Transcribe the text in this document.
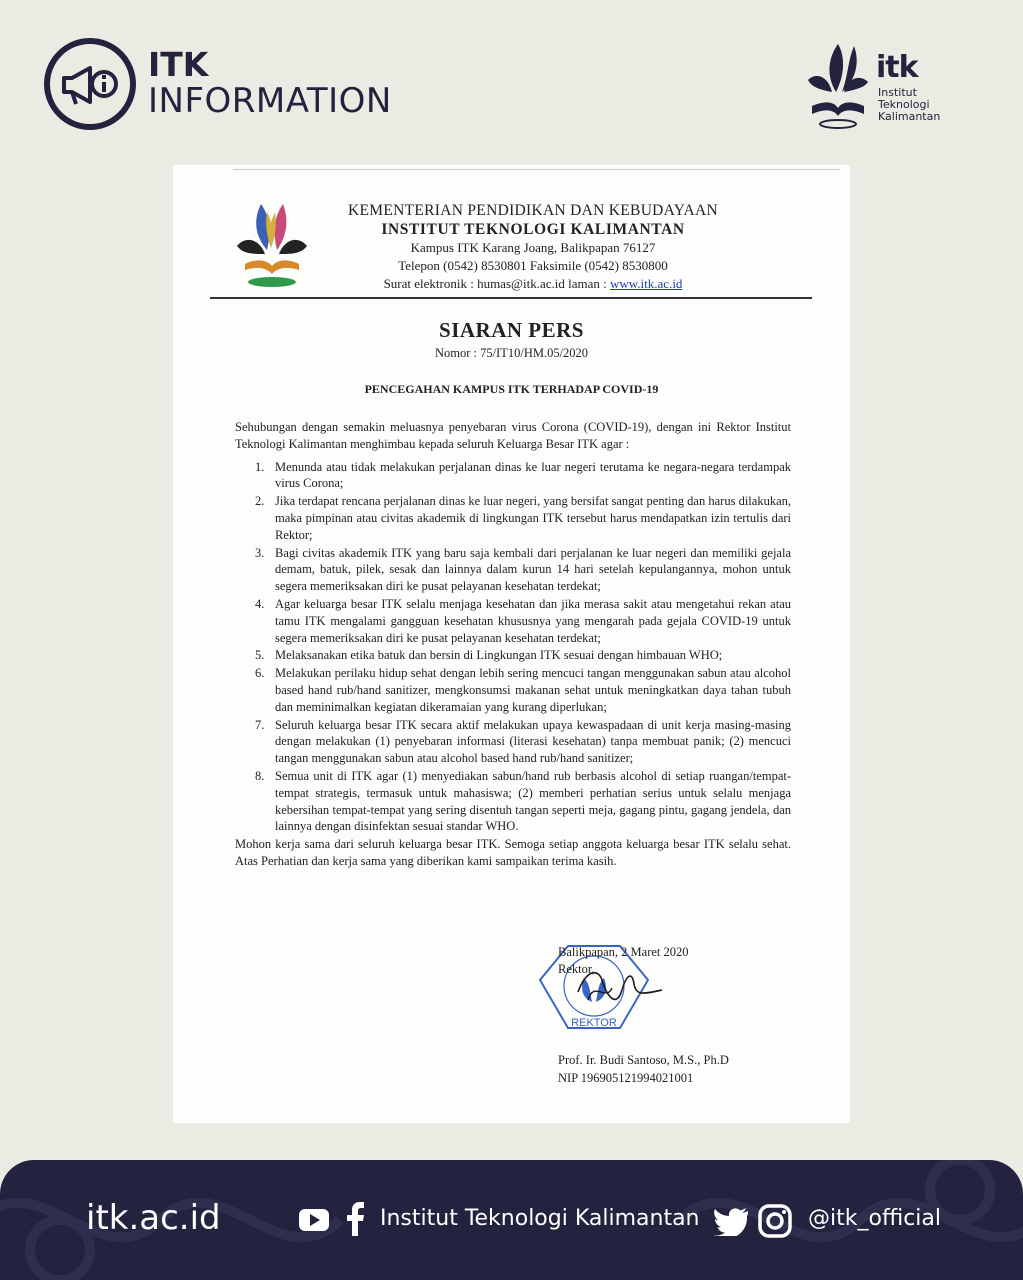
ITK
INFORMATION
itk
Institut
Teknologi
Kalimantan
KEMENTERIAN PENDIDIKAN DAN KEBUDAYAAN
INSTITUT TEKNOLOGI KALIMANTAN
Kampus ITK Karang Joang, Balikpapan 76127
Telepon (0542) 8530801 Faksimile (0542) 8530800
Surat elektronik : humas@itk.ac.id laman : www.itk.ac.id
SIARAN PERS
Nomor : 75/IT10/HM.05/2020
PENCEGAHAN KAMPUS ITK TERHADAP COVID-19

Sehubungan dengan semakin meluasnya penyebaran virus Corona (COVID-19), dengan ini Rektor Institut Teknologi Kalimantan menghimbau kepada seluruh Keluarga Besar ITK agar :

1. Menunda atau tidak melakukan perjalanan dinas ke luar negeri terutama ke negara-negara terdampak virus Corona;
2. Jika terdapat rencana perjalanan dinas ke luar negeri, yang bersifat sangat penting dan harus dilakukan, maka pimpinan atau civitas akademik di lingkungan ITK tersebut harus mendapatkan izin tertulis dari Rektor;
3. Bagi civitas akademik ITK yang baru saja kembali dari perjalanan ke luar negeri dan memiliki gejala demam, batuk, pilek, sesak dan lainnya dalam kurun 14 hari setelah kepulangannya, mohon untuk segera memeriksakan diri ke pusat pelayanan kesehatan terdekat;
4. Agar keluarga besar ITK selalu menjaga kesehatan dan jika merasa sakit atau mengetahui rekan atau tamu ITK mengalami gangguan kesehatan khususnya yang mengarah pada gejala COVID-19 untuk segera memeriksakan diri ke pusat pelayanan kesehatan terdekat;
5. Melaksanakan etika batuk dan bersin di Lingkungan ITK sesuai dengan himbauan WHO;
6. Melakukan perilaku hidup sehat dengan lebih sering mencuci tangan menggunakan sabun atau alcohol based hand rub/hand sanitizer, mengkonsumsi makanan sehat untuk meningkatkan daya tahan tubuh dan meminimalkan kegiatan dikeramaian yang kurang diperlukan;
7. Seluruh keluarga besar ITK secara aktif melakukan upaya kewaspadaan di unit kerja masing-masing dengan melakukan (1) penyebaran informasi (literasi kesehatan) tanpa membuat panik; (2) mencuci tangan menggunakan sabun atau alcohol based hand rub/hand sanitizer;
8. Semua unit di ITK agar (1) menyediakan sabun/hand rub berbasis alcohol di setiap ruangan/tempat-tempat strategis, termasuk untuk mahasiswa; (2) memberi perhatian serius untuk selalu menjaga kebersihan tempat-tempat yang sering disentuh tangan seperti meja, gagang pintu, gagang jendela, dan lainnya dengan disinfektan sesuai standar WHO.

Mohon kerja sama dari seluruh keluarga besar ITK. Semoga setiap anggota keluarga besar ITK selalu sehat. Atas Perhatian dan kerja sama yang diberikan kami sampaikan terima kasih.

REKTOR
Balikpapan, 2 Maret 2020
Rektor,
Prof. Ir. Budi Santoso, M.S., Ph.D
NIP 196905121994021001
itk.ac.id	Institut Teknologi Kalimantan	@itk_official
